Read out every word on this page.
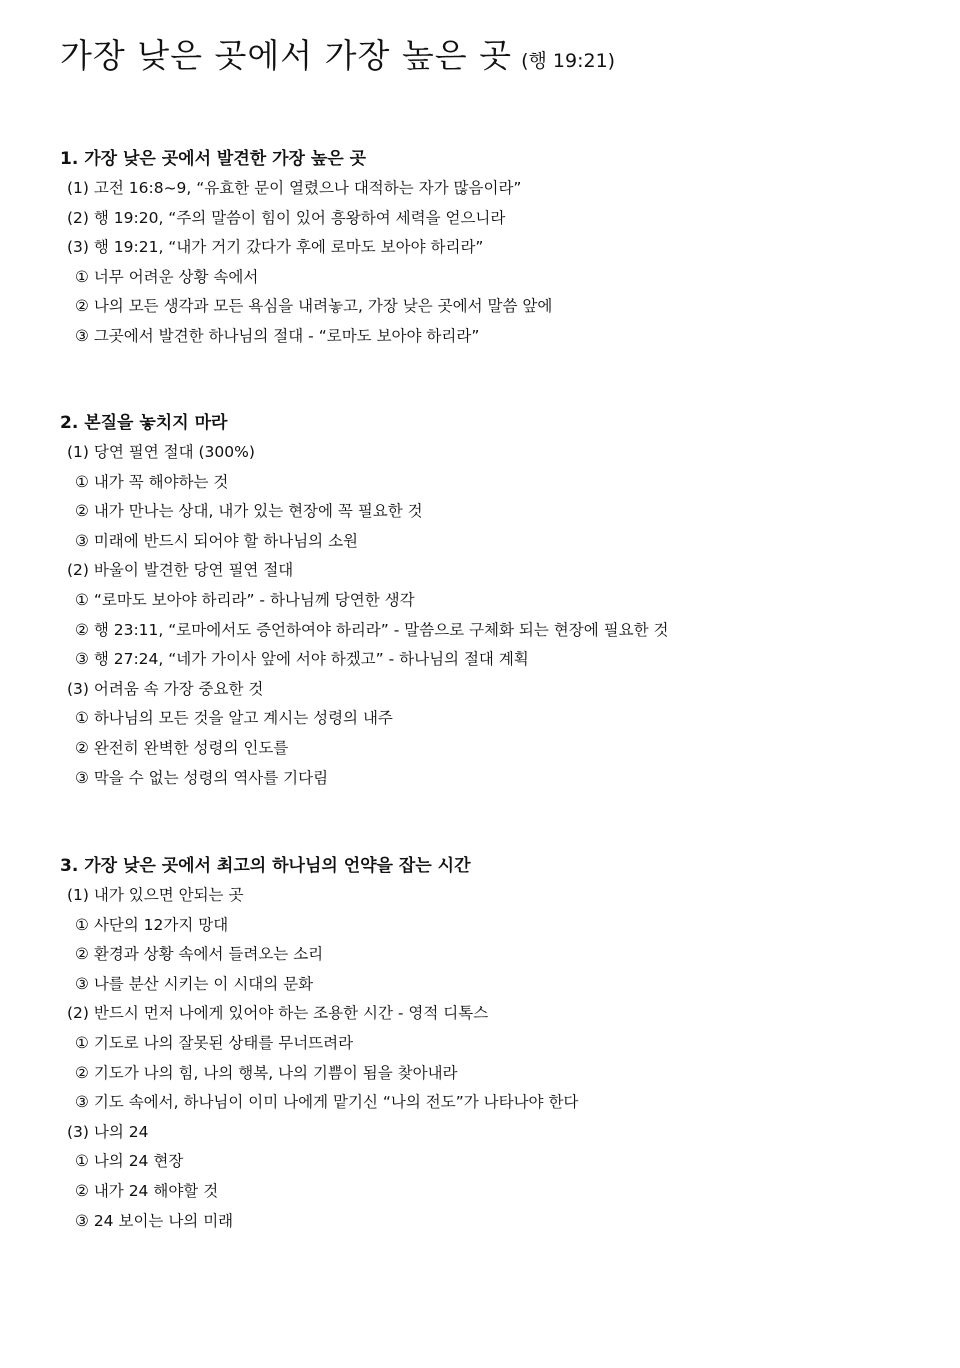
가장 낮은 곳에서 가장 높은 곳 (행 19:21)
1. 가장 낮은 곳에서 발견한 가장 높은 곳
(1) 고전 16:8~9, “유효한 문이 열렸으나 대적하는 자가 많음이라”
(2) 행 19:20, “주의 말씀이 힘이 있어 흥왕하여 세력을 얻으니라
(3) 행 19:21, “내가 거기 갔다가 후에 로마도 보아야 하리라”
① 너무 어려운 상황 속에서
② 나의 모든 생각과 모든 욕심을 내려놓고, 가장 낮은 곳에서 말씀 앞에
③ 그곳에서 발견한 하나님의 절대 - “로마도 보아야 하리라”
2. 본질을 놓치지 마라
(1) 당연 필연 절대 (300%)
① 내가 꼭 해야하는 것
② 내가 만나는 상대, 내가 있는 현장에 꼭 필요한 것
③ 미래에 반드시 되어야 할 하나님의 소원
(2) 바울이 발견한 당연 필연 절대
① “로마도 보아야 하리라” - 하나님께 당연한 생각
② 행 23:11, “로마에서도 증언하여야 하리라” - 말씀으로 구체화 되는 현장에 필요한 것
③ 행 27:24, “네가 가이사 앞에 서야 하겠고” - 하나님의 절대 계획
(3) 어려움 속 가장 중요한 것
① 하나님의 모든 것을 알고 계시는 성령의 내주
② 완전히 완벽한 성령의 인도를
③ 막을 수 없는 성령의 역사를 기다림
3. 가장 낮은 곳에서 최고의 하나님의 언약을 잡는 시간
(1) 내가 있으면 안되는 곳
① 사단의 12가지 망대
② 환경과 상황 속에서 들려오는 소리
③ 나를 분산 시키는 이 시대의 문화
(2) 반드시 먼저 나에게 있어야 하는 조용한 시간 - 영적 디톡스
① 기도로 나의 잘못된 상태를 무너뜨려라
② 기도가 나의 힘, 나의 행복, 나의 기쁨이 됨을 찾아내라
③ 기도 속에서, 하나님이 이미 나에게 맡기신 “나의 전도”가 나타나야 한다
(3) 나의 24
① 나의 24 현장
② 내가 24 해야할 것
③ 24 보이는 나의 미래
